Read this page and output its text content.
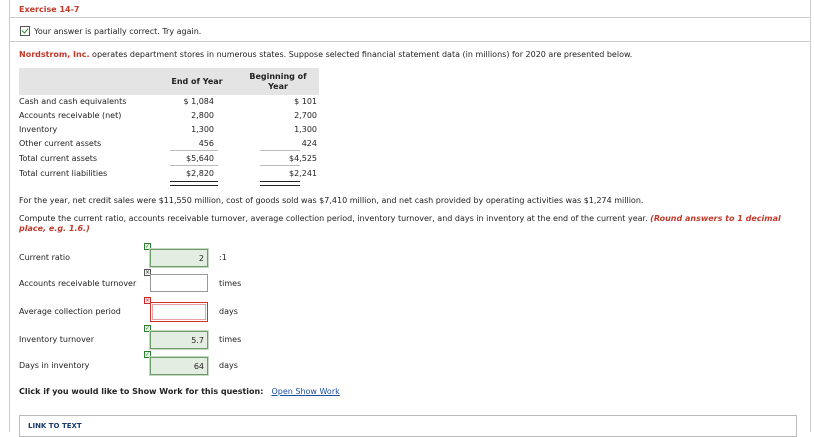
Exercise 14-7
Your answer is partially correct. Try again.
Nordstrom, Inc. operates department stores in numerous states. Suppose selected financial statement data (in millions) for 2020 are presented below.
End of Year
Beginning of Year
Cash and cash equivalents	$ 1,084	$ 101
Accounts receivable (net)	2,800	2,700
Inventory	1,300	1,300
Other current assets	456	424
Total current assets	$5,640	$4,525
Total current liabilities	$2,820	$2,241
For the year, net credit sales were $11,550 million, cost of goods sold was $7,410 million, and net cash provided by operating activities was $1,274 million.
Compute the current ratio, accounts receivable turnover, average collection period, inventory turnover, and days in inventory at the end of the current year. (Round answers to 1 decimal place, e.g. 1.6.)
Current ratio
✓
2	:1
Accounts receivable turnover
×
times
Average collection period
×
days
Inventory turnover
✓
5.7	times
Days in inventory
✓
64	days
Click if you would like to Show Work for this question: Open Show Work
LINK TO TEXT
